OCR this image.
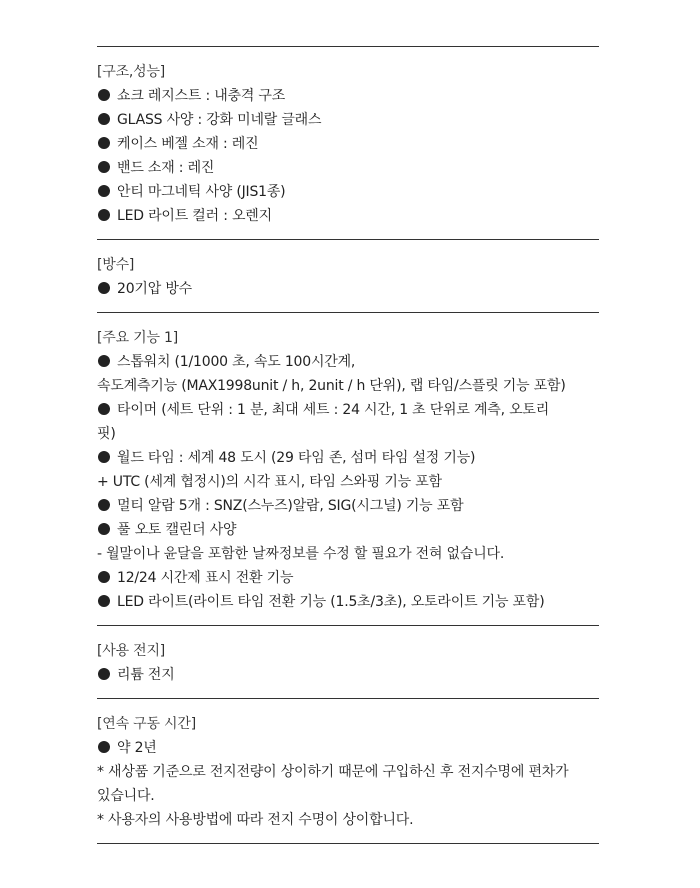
[구조,성능]
쇼크 레지스트 : 내충격 구조
GLASS 사양 : 강화 미네랄 글래스
케이스 베젤 소재 : 레진
밴드 소재 : 레진
안티 마그네틱 사양 (JIS1종)
LED 라이트 컬러 : 오렌지
[방수]
20기압 방수
[주요 기능 1]
스톱워치 (1/1000 초, 속도 100시간계,
속도계측기능 (MAX1998unit / h, 2unit / h 단위), 랩 타임/스플릿 기능 포함)
타이머 (세트 단위 : 1 분, 최대 세트 : 24 시간, 1 초 단위로 계측, 오토리
핏)
월드 타임 : 세계 48 도시 (29 타임 존, 섬머 타임 설정 기능)
+ UTC (세계 협정시)의 시각 표시, 타임 스와핑 기능 포함
멀티 알람 5개 : SNZ(스누즈)알람, SIG(시그널) 기능 포함
풀 오토 캘린더 사양
- 월말이나 윤달을 포함한 날짜정보를 수정 할 필요가 전혀 없습니다.
12/24 시간제 표시 전환 기능
LED 라이트(라이트 타임 전환 기능 (1.5초/3초), 오토라이트 기능 포함)
[사용 전지]
리튬 전지
[연속 구동 시간]
약 2년
* 새상품 기준으로 전지전량이 상이하기 때문에 구입하신 후 전지수명에 편차가
있습니다.
* 사용자의 사용방법에 따라 전지 수명이 상이합니다.
